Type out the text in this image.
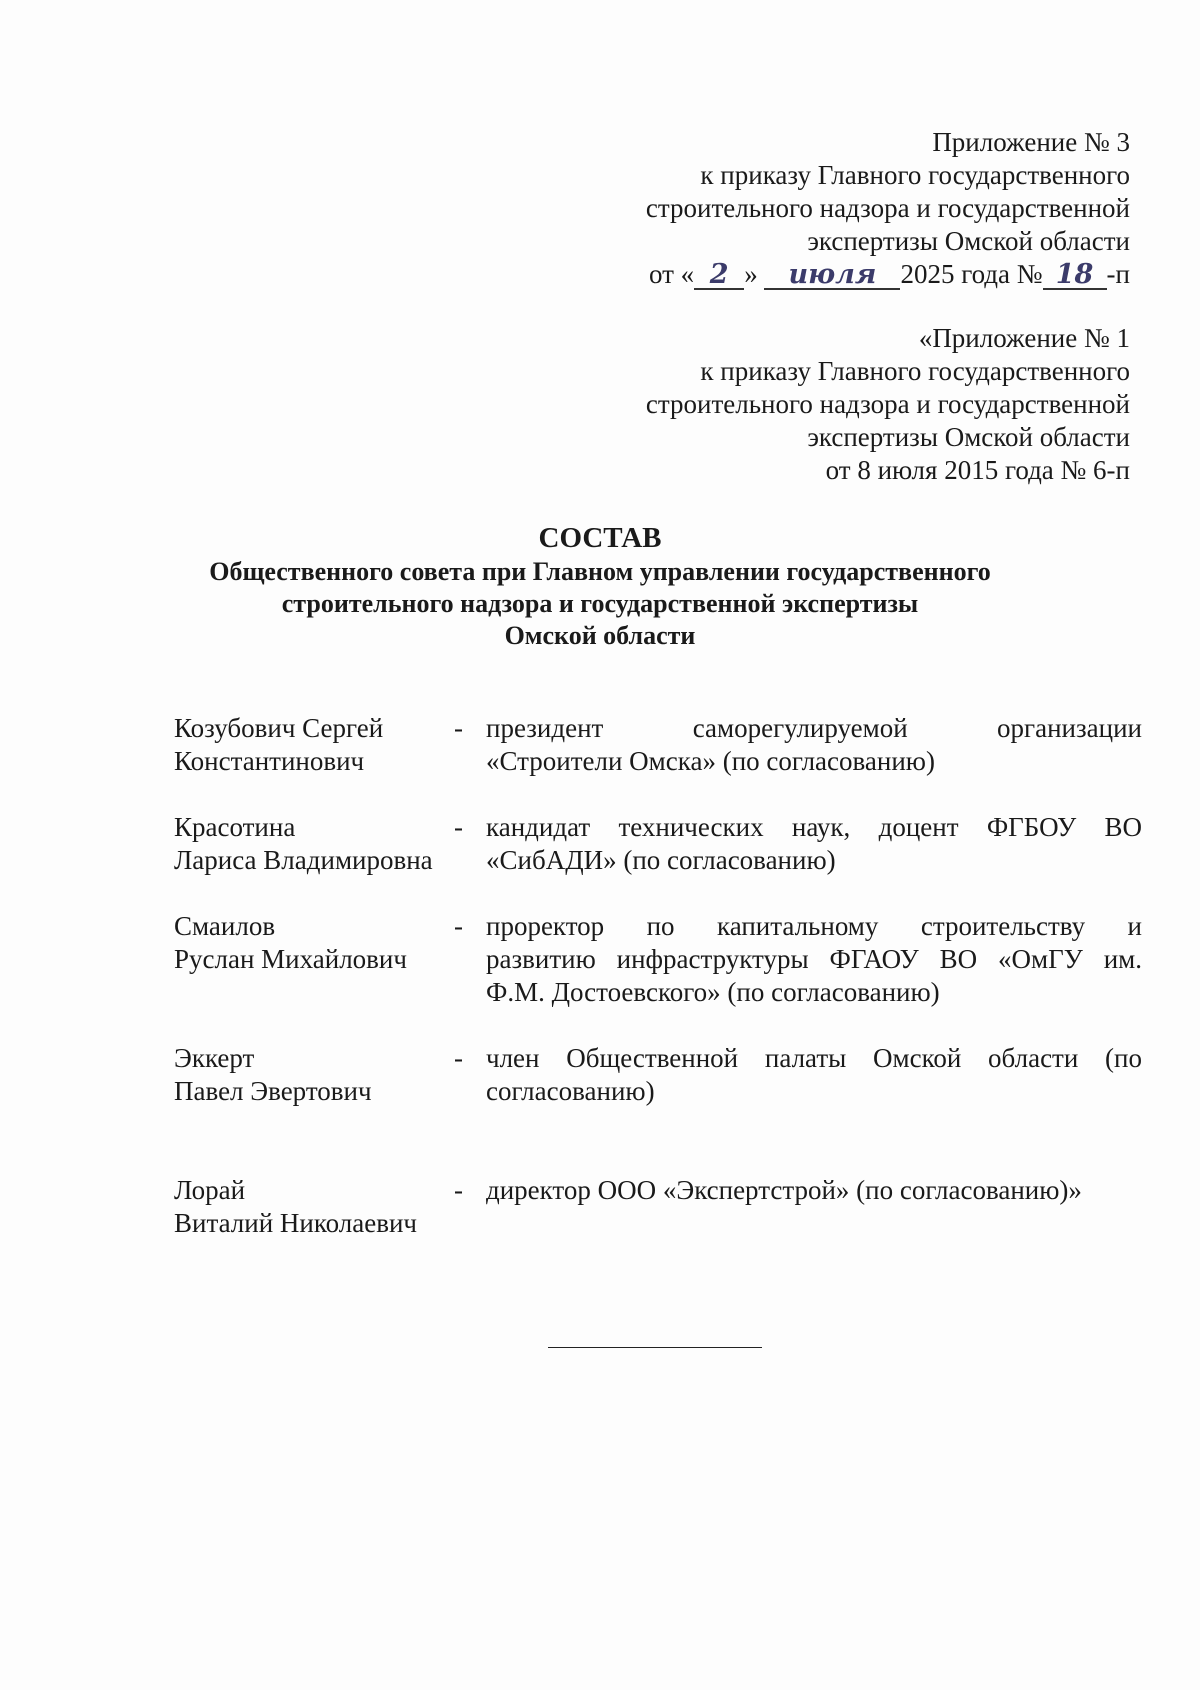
Приложение № 3
к приказу Главного государственного
строительного надзора и государственной
экспертизы Омской области
от « 2 » июля 2025 года № 18 -п
«Приложение № 1
к приказу Главного государственного
строительного надзора и государственной
экспертизы Омской области
от 8 июля 2015 года № 6-п
СОСТАВ
Общественного совета при Главном управлении государственного
строительного надзора и государственной экспертизы
Омской области
Козубович Сергей
Константинович
- президент саморегулируемой организации
«Строители Омска» (по согласованию)
Красотина
Лариса Владимировна
- кандидат технических наук, доцент ФГБОУ ВО
«СибАДИ» (по согласованию)
Смаилов
Руслан Михайлович
- проректор по капитальному строительству и
развитию инфраструктуры ФГАОУ ВО «ОмГУ им.
Ф.М. Достоевского» (по согласованию)
Эккерт
Павел Эвертович
- член Общественной палаты Омской области (по
согласованию)
Лорай
Виталий Николаевич
- директор ООО «Экспертстрой» (по согласованию)»
